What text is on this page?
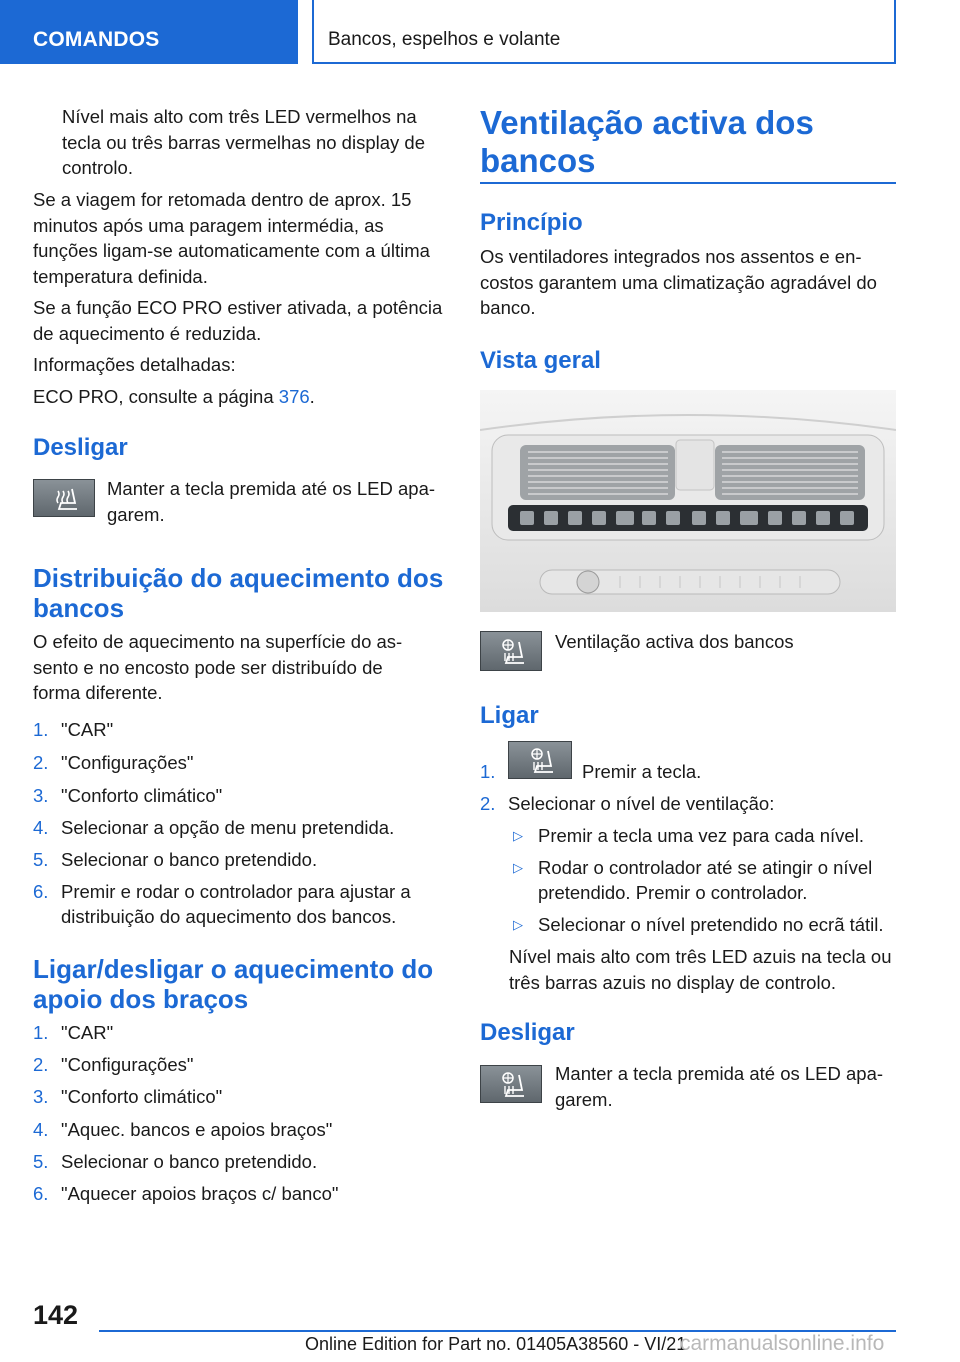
COMANDOS	Bancos, espelhos e volante
Nível mais alto com três LED vermelhos na tecla ou três barras vermelhas no display de controlo.
Se a viagem for retomada dentro de aprox. 15 minutos após uma paragem intermédia, as funções ligam-se automaticamente com a última temperatura definida.
Se a função ECO PRO estiver ativada, a potência de aquecimento é reduzida.
Informações detalhadas:
ECO PRO, consulte a página 376.
Desligar
Manter a tecla premida até os LED apa-garem.
Distribuição do aquecimento dos bancos
O efeito de aquecimento na superfície do as-sento e no encosto pode ser distribuído de forma diferente.
1. "CAR"
2. "Configurações"
3. "Conforto climático"
4. Selecionar a opção de menu pretendida.
5. Selecionar o banco pretendido.
6. Premir e rodar o controlador para ajustar a
distribuição do aquecimento dos bancos.
Ligar/desligar o aquecimento do apoio dos braços
1. "CAR"
2. "Configurações"
3. "Conforto climático"
4. "Aquec. bancos e apoios braços"
5. Selecionar o banco pretendido.
6. "Aquecer apoios braços c/ banco"
Ventilação activa dos bancos
Princípio
Os ventiladores integrados nos assentos e en-costos garantem uma climatização agradável do banco.
Vista geral
Ventilação activa dos bancos
Ligar
1.	Premir a tecla.
2. Selecionar o nível de ventilação:
▷ Premir a tecla uma vez para cada nível.
▷ Rodar o controlador até se atingir o nível
pretendido. Premir o controlador.
▷ Selecionar o nível pretendido no ecrã tátil.
Nível mais alto com três LED azuis na tecla ou três barras azuis no display de controlo.
Desligar
Manter a tecla premida até os LED apa-garem.
142
Online Edition for Part no. 01405A38560 - VI/21
carmanualsonline.info
